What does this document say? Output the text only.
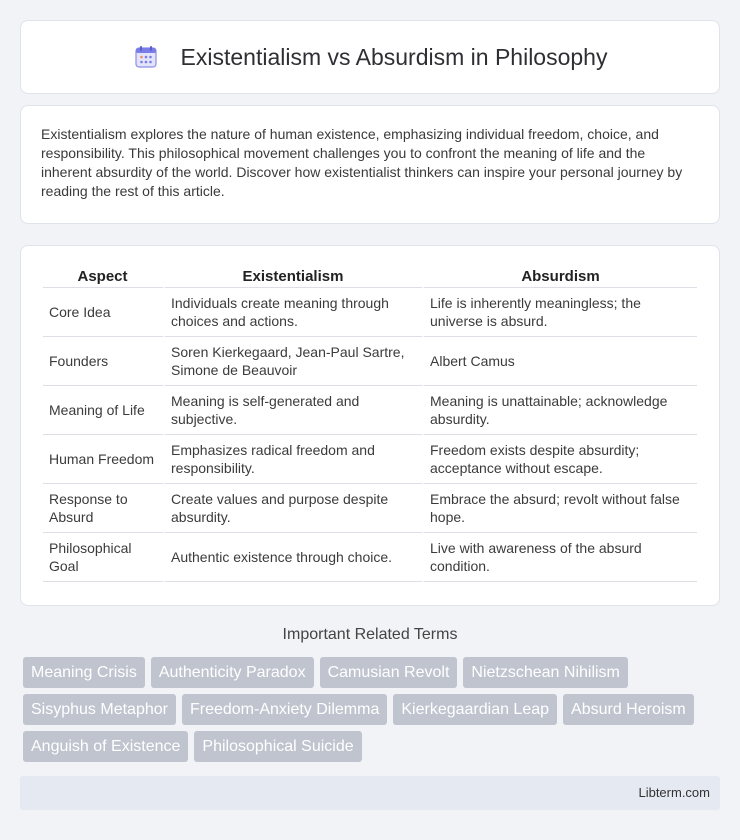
Existentialism vs Absurdism in Philosophy

Existentialism explores the nature of human existence, emphasizing individual freedom, choice, and responsibility. This philosophical movement challenges you to confront the meaning of life and the inherent absurdity of the world. Discover how existentialist thinkers can inspire your personal journey by reading the rest of this article.

Aspect	Existentialism	Absurdism
Core Idea	Individuals create meaning through choices and actions.	Life is inherently meaningless; the universe is absurd.
Founders	Soren Kierkegaard, Jean-Paul Sartre, Simone de Beauvoir	Albert Camus
Meaning of Life	Meaning is self-generated and subjective.	Meaning is unattainable; acknowledge absurdity.
Human Freedom	Emphasizes radical freedom and responsibility.	Freedom exists despite absurdity; acceptance without escape.
Response to Absurd	Create values and purpose despite absurdity.	Embrace the absurd; revolt without false hope.
Philosophical Goal	Authentic existence through choice.	Live with awareness of the absurd condition.
Important Related Terms
Meaning Crisis	Authenticity Paradox	Camusian Revolt	Nietzschean Nihilism
Sisyphus Metaphor	Freedom-Anxiety Dilemma	Kierkegaardian Leap	Absurd Heroism
Anguish of Existence	Philosophical Suicide
Libterm.com
